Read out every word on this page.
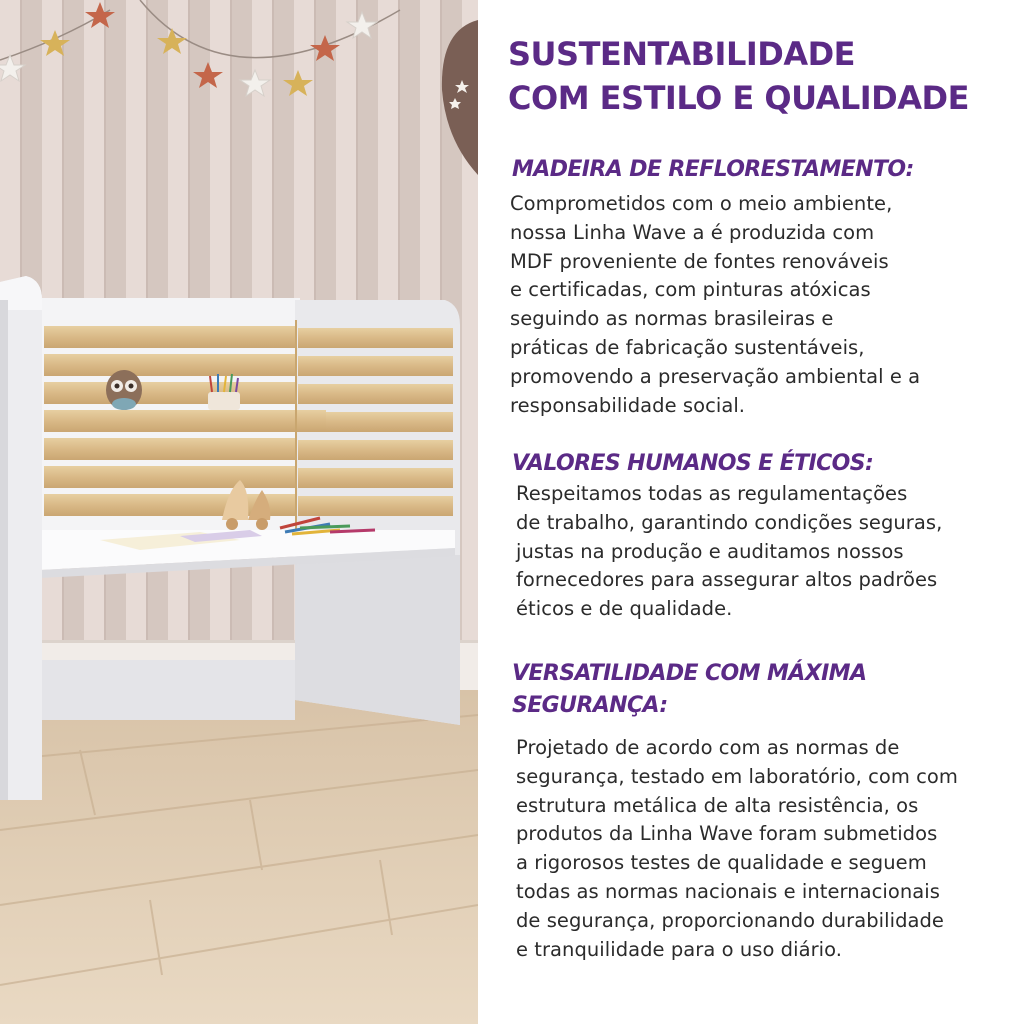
SUSTENTABILIDADE
COM ESTILO E QUALIDADE
MADEIRA DE REFLORESTAMENTO:

Comprometidos com o meio ambiente,
nossa Linha Wave a é produzida com
MDF proveniente de fontes renováveis
e certificadas, com pinturas atóxicas
seguindo as normas brasileiras e
práticas de fabricação sustentáveis,
promovendo a preservação ambiental e a
responsabilidade social.

VALORES HUMANOS E ÉTICOS:

Respeitamos todas as regulamentações
de trabalho, garantindo condições seguras,
justas na produção e auditamos nossos
fornecedores para assegurar altos padrões
éticos e de qualidade.

VERSATILIDADE COM MÁXIMA
SEGURANÇA:

Projetado de acordo com as normas de
segurança, testado em laboratório, com com
estrutura metálica de alta resistência, os
produtos da Linha Wave foram submetidos
a rigorosos testes de qualidade e seguem
todas as normas nacionais e internacionais
de segurança, proporcionando durabilidade
e tranquilidade para o uso diário.
